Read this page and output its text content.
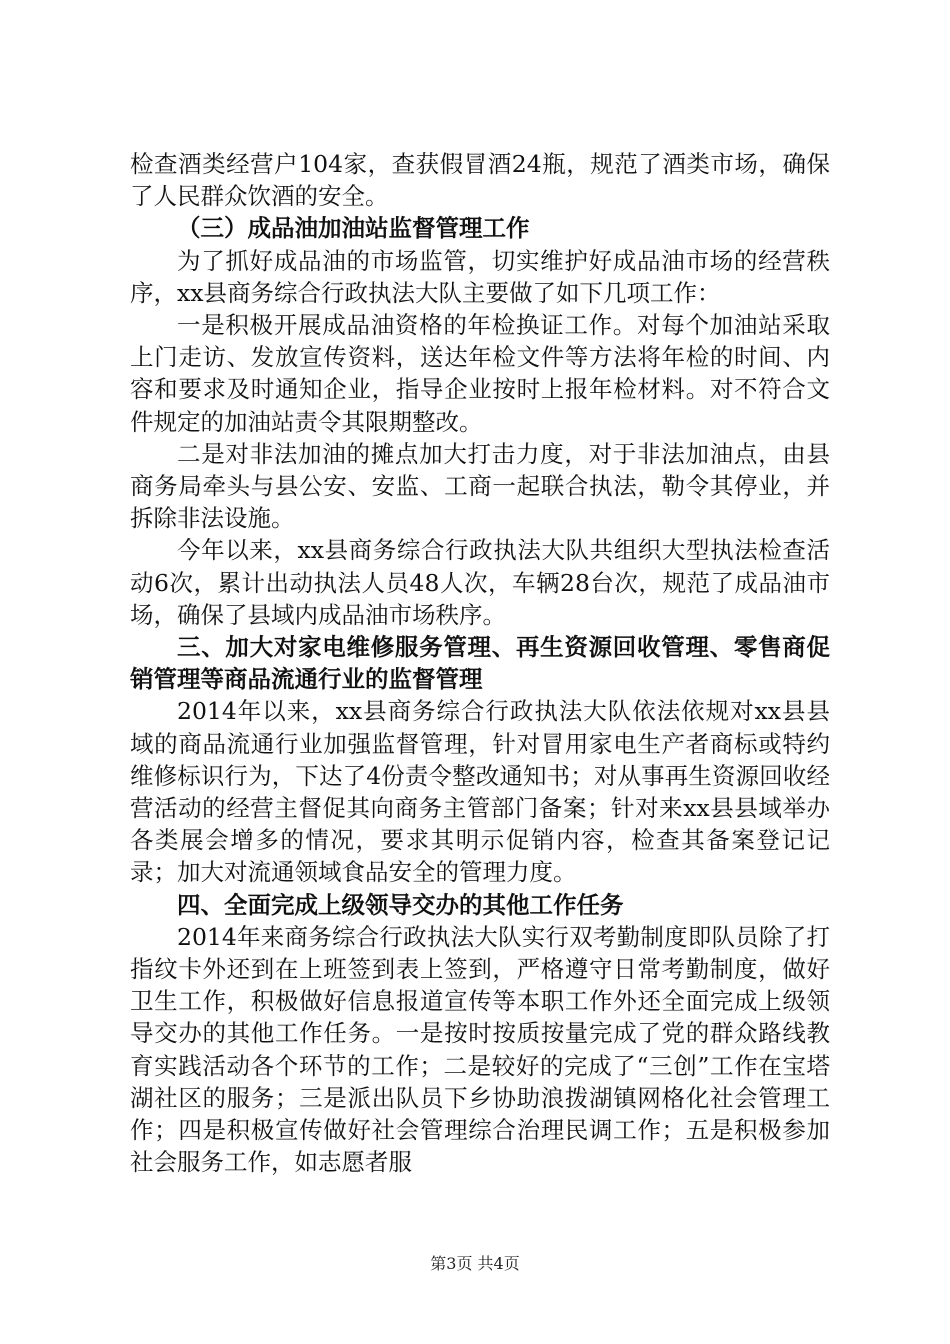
检查酒类经营户104家，查获假冒酒24瓶，规范了酒类市场，确保了人民群众饮酒的安全。

（三）成品油加油站监督管理工作

为了抓好成品油的市场监管，切实维护好成品油市场的经营秩序，xx县商务综合行政执法大队主要做了如下几项工作：

一是积极开展成品油资格的年检换证工作。对每个加油站采取上门走访、发放宣传资料，送达年检文件等方法将年检的时间、内容和要求及时通知企业，指导企业按时上报年检材料。对不符合文件规定的加油站责令其限期整改。

二是对非法加油的摊点加大打击力度，对于非法加油点，由县商务局牵头与县公安、安监、工商一起联合执法，勒令其停业，并拆除非法设施。

今年以来，xx县商务综合行政执法大队共组织大型执法检查活动6次，累计出动执法人员48人次，车辆28台次，规范了成品油市场，确保了县域内成品油市场秩序。

三、加大对家电维修服务管理、再生资源回收管理、零售商促销管理等商品流通行业的监督管理

2014年以来，xx县商务综合行政执法大队依法依规对xx县县域的商品流通行业加强监督管理，针对冒用家电生产者商标或特约维修标识行为，下达了4份责令整改通知书；对从事再生资源回收经营活动的经营主督促其向商务主管部门备案；针对来xx县县域举办各类展会增多的情况，要求其明示促销内容，检查其备案登记记录；加大对流通领域食品安全的管理力度。

四、全面完成上级领导交办的其他工作任务

2014年来商务综合行政执法大队实行双考勤制度即队员除了打指纹卡外还到在上班签到表上签到，严格遵守日常考勤制度，做好卫生工作，积极做好信息报道宣传等本职工作外还全面完成上级领导交办的其他工作任务。一是按时按质按量完成了党的群众路线教育实践活动各个环节的工作；二是较好的完成了“三创”工作在宝塔湖社区的服务；三是派出队员下乡协助浪拨湖镇网格化社会管理工作；四是积极宣传做好社会管理综合治理民调工作；五是积极参加社会服务工作，如志愿者服

第3页 共4页
